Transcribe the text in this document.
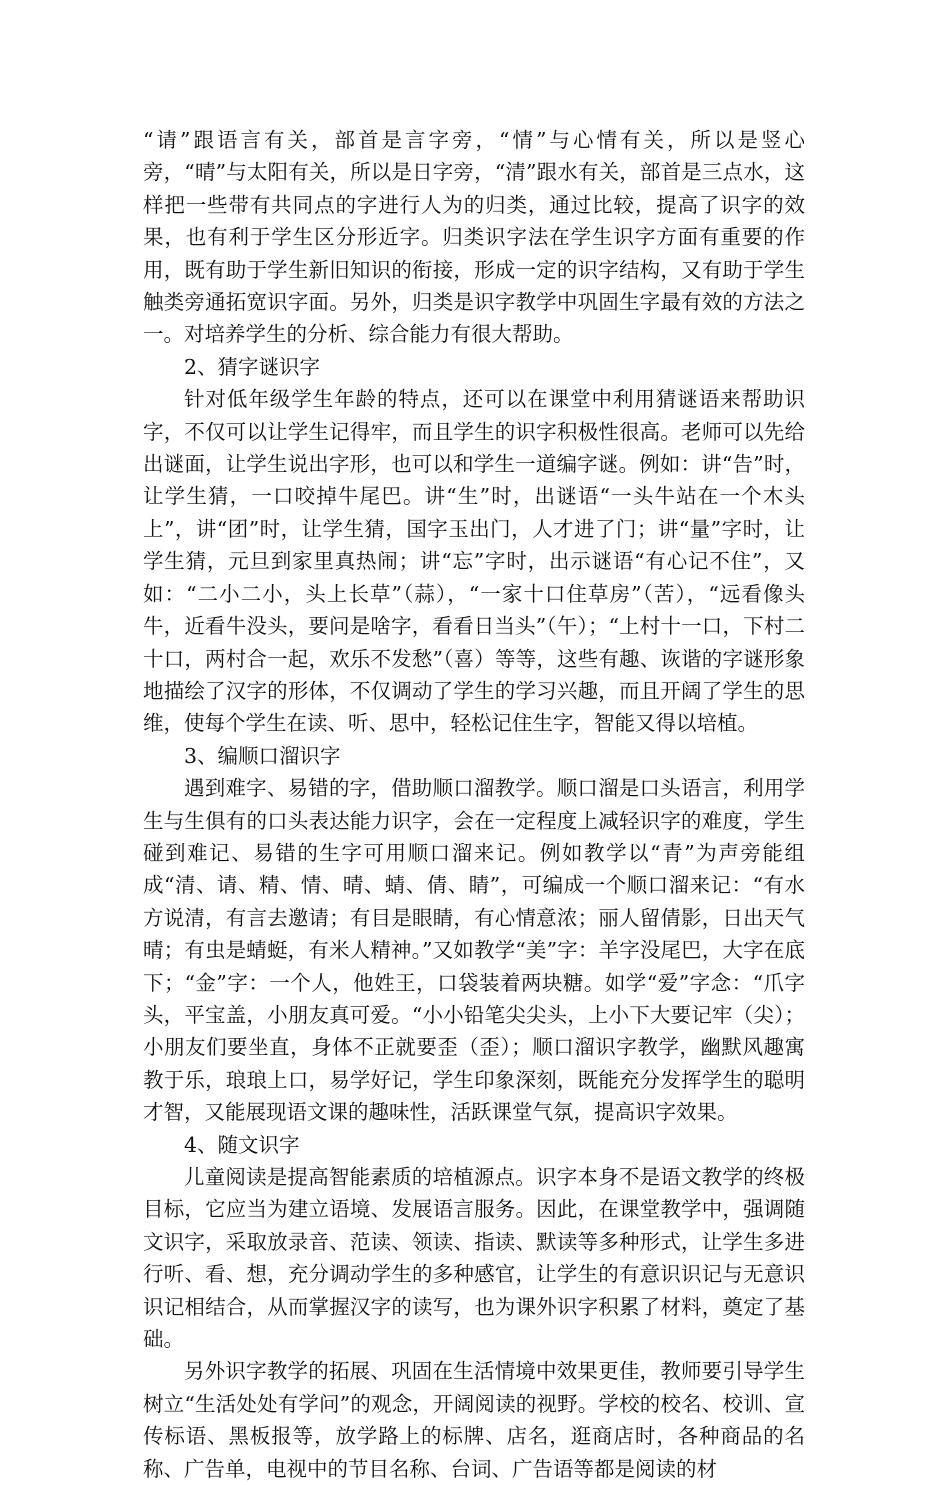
“请”跟语言有关，部首是言字旁，“情”与心情有关，所以是竖心旁，“晴”与太阳有关，所以是日字旁，“清”跟水有关，部首是三点水，这样把一些带有共同点的字进行人为的归类，通过比较，提高了识字的效果，也有利于学生区分形近字。归类识字法在学生识字方面有重要的作用，既有助于学生新旧知识的衔接，形成一定的识字结构，又有助于学生触类旁通拓宽识字面。另外，归类是识字教学中巩固生字最有效的方法之一。对培养学生的分析、综合能力有很大帮助。

2、猜字谜识字

针对低年级学生年龄的特点，还可以在课堂中利用猜谜语来帮助识字，不仅可以让学生记得牢，而且学生的识字积极性很高。老师可以先给出谜面，让学生说出字形，也可以和学生一道编字谜。例如：讲“告”时，让学生猜，一口咬掉牛尾巴。讲“生”时，出谜语“一头牛站在一个木头上”，讲“团”时，让学生猜，国字玉出门，人才进了门；讲“量”字时，让学生猜，元旦到家里真热闹；讲“忘”字时，出示谜语“有心记不住”，又如：“二小二小，头上长草”（蒜），“一家十口住草房”（苦），“远看像头牛，近看牛没头，要问是啥字，看看日当头”（午）；“上村十一口，下村二十口，两村合一起，欢乐不发愁”（喜）等等，这些有趣、诙谐的字谜形象地描绘了汉字的形体，不仅调动了学生的学习兴趣，而且开阔了学生的思维，使每个学生在读、听、思中，轻松记住生字，智能又得以培植。

3、编顺口溜识字

遇到难字、易错的字，借助顺口溜教学。顺口溜是口头语言，利用学生与生俱有的口头表达能力识字，会在一定程度上减轻识字的难度，学生碰到难记、易错的生字可用顺口溜来记。例如教学以“青”为声旁能组成“清、请、精、情、晴、蜻、倩、睛”，可编成一个顺口溜来记：“有水方说清，有言去邀请；有目是眼睛，有心情意浓；丽人留倩影，日出天气晴；有虫是蜻蜓，有米人精神。”又如教学“美”字：羊字没尾巴，大字在底下；“金”字：一个人，他姓王，口袋装着两块糖。如学“爱”字念：“爪字头，平宝盖，小朋友真可爱。“小小铅笔尖尖头，上小下大要记牢（尖）；小朋友们要坐直，身体不正就要歪（歪）；顺口溜识字教学，幽默风趣寓教于乐，琅琅上口，易学好记，学生印象深刻，既能充分发挥学生的聪明才智，又能展现语文课的趣味性，活跃课堂气氛，提高识字效果。

4、随文识字

儿童阅读是提高智能素质的培植源点。识字本身不是语文教学的终极目标，它应当为建立语境、发展语言服务。因此，在课堂教学中，强调随文识字，采取放录音、范读、领读、指读、默读等多种形式，让学生多进行听、看、想，充分调动学生的多种感官，让学生的有意识识记与无意识识记相结合，从而掌握汉字的读写，也为课外识字积累了材料，奠定了基础。

另外识字教学的拓展、巩固在生活情境中效果更佳，教师要引导学生树立“生活处处有学问”的观念，开阔阅读的视野。学校的校名、校训、宣传标语、黑板报等，放学路上的标牌、店名，逛商店时，各种商品的名称、广告单，电视中的节目名称、台词、广告语等都是阅读的材
